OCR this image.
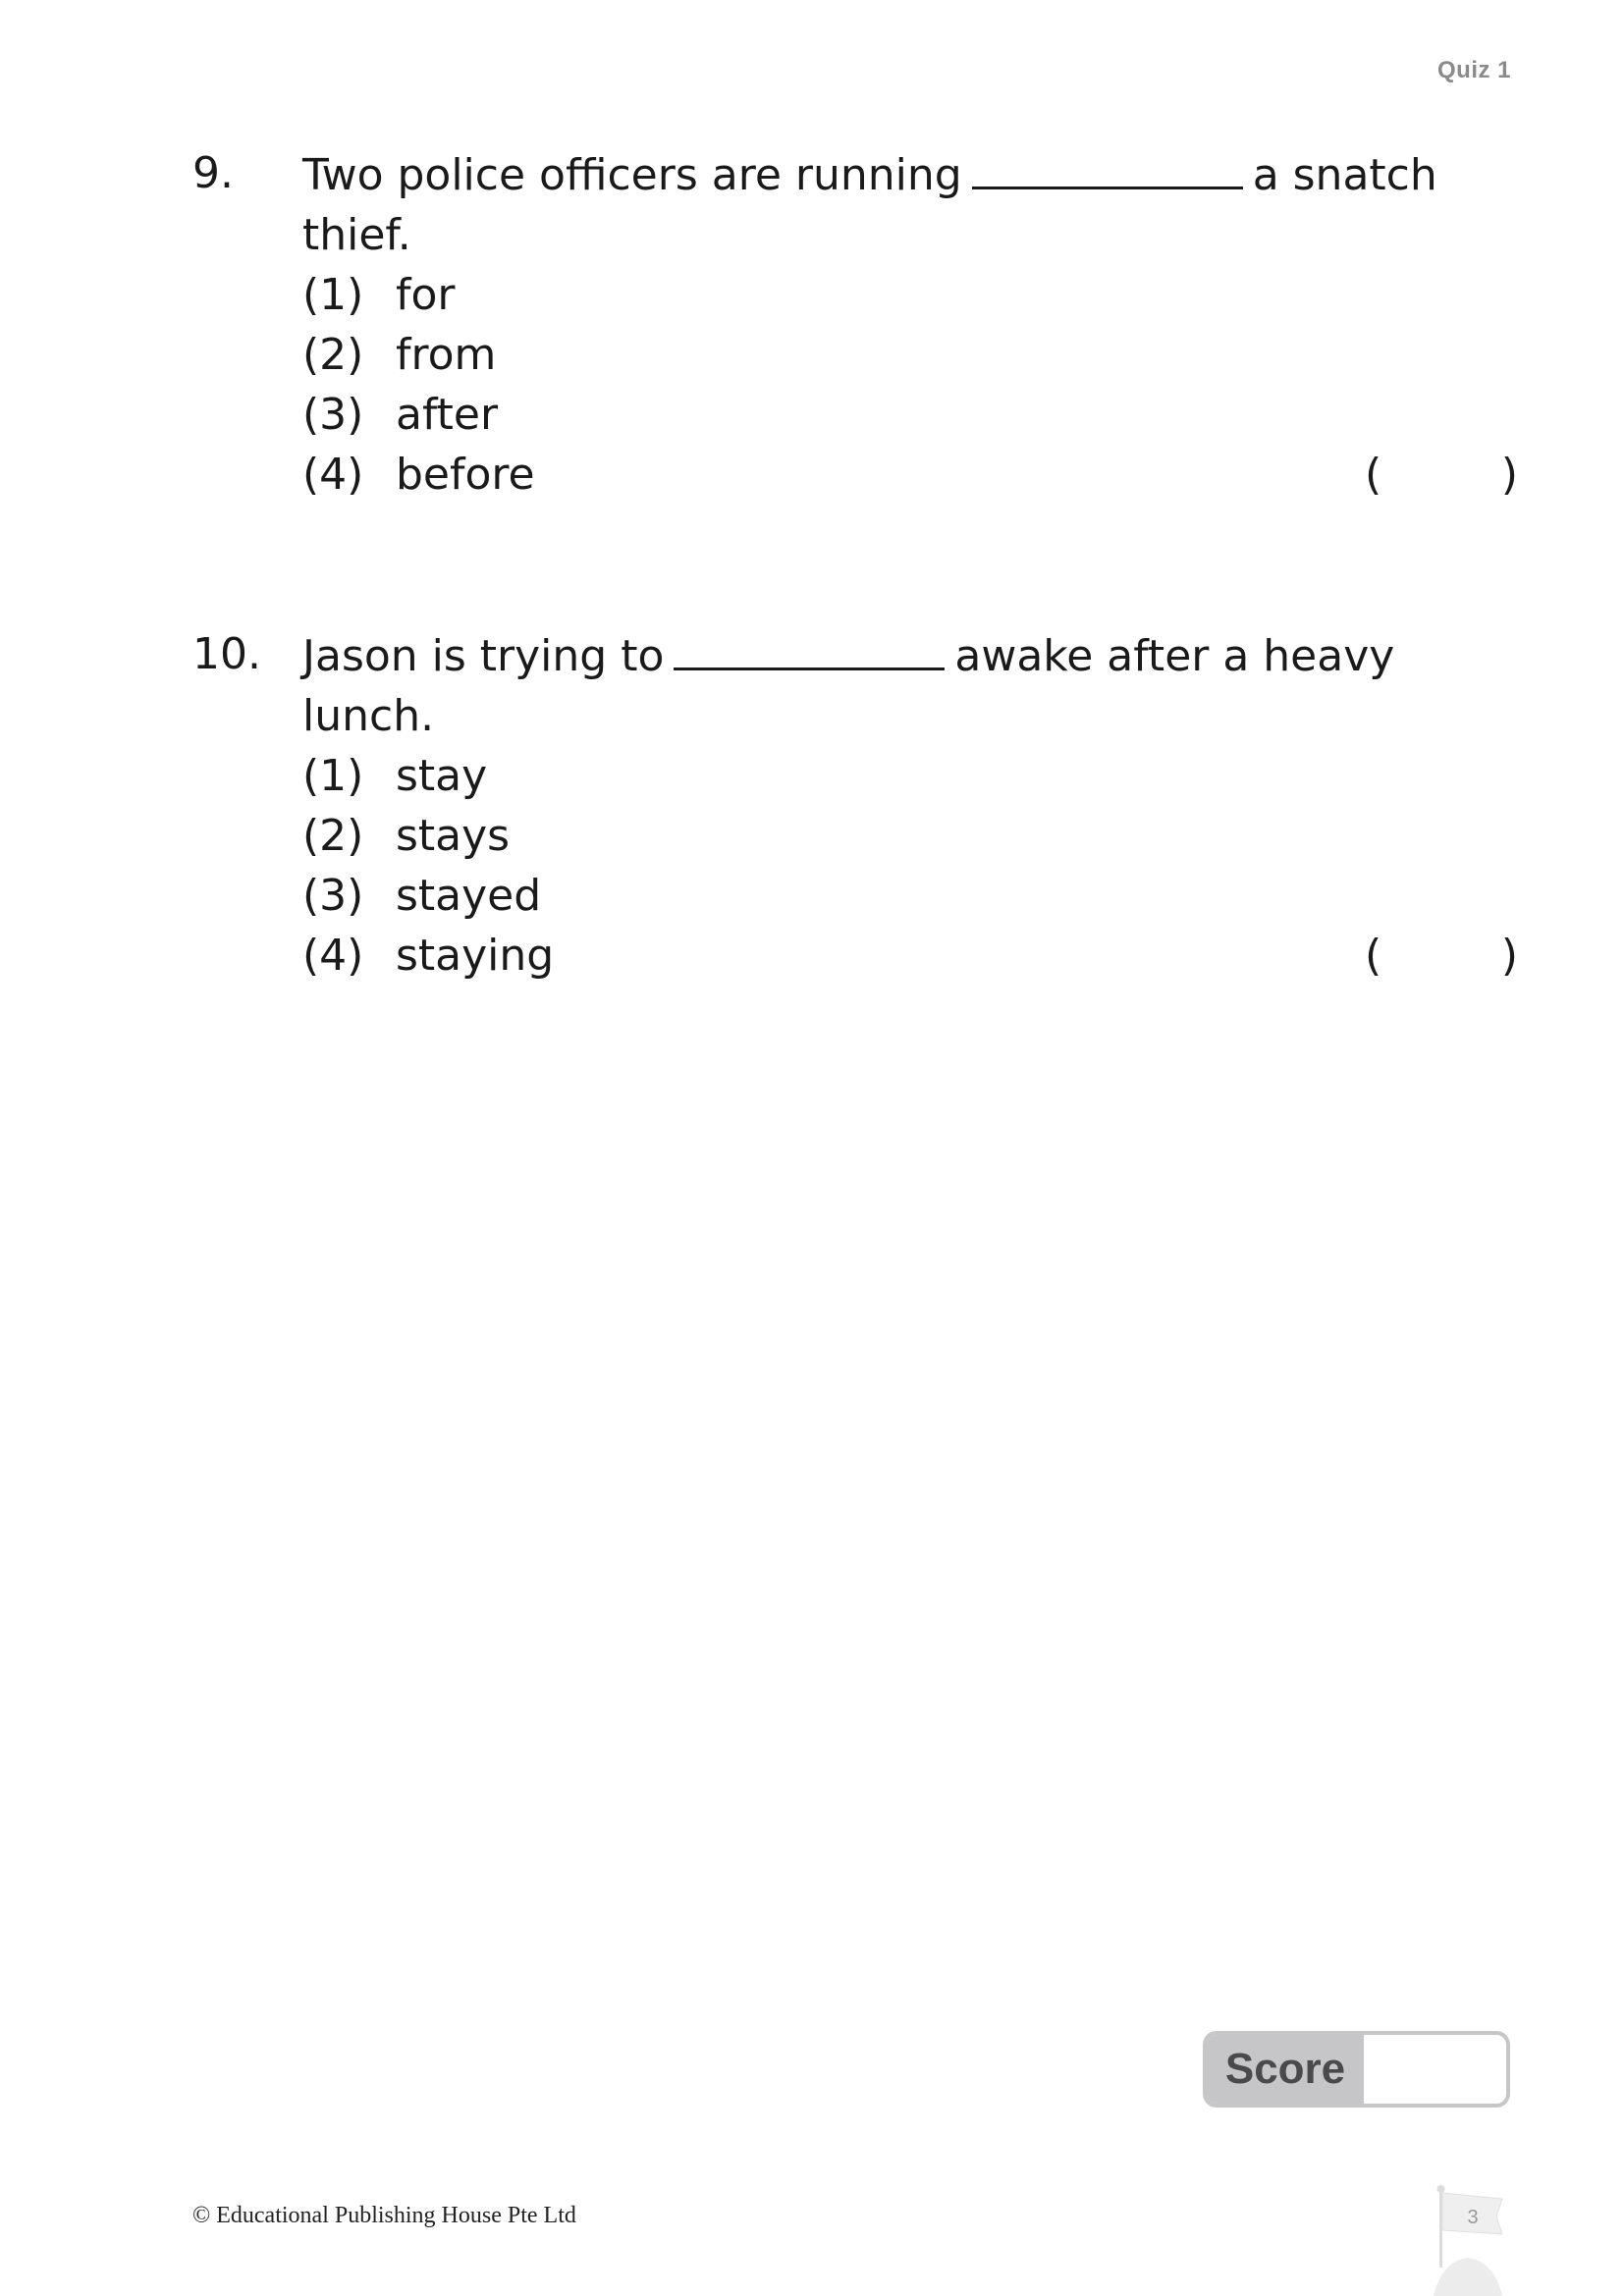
Quiz 1
9. Two police officers are running	a snatch thief.
(1) for
(2) from
(3) after
(4) before	(	)
10. Jason is trying to	awake after a heavy lunch.
(1) stay
(2) stays
(3) stayed
(4) staying	(	)
Score
© Educational Publishing House Pte Ltd	3
